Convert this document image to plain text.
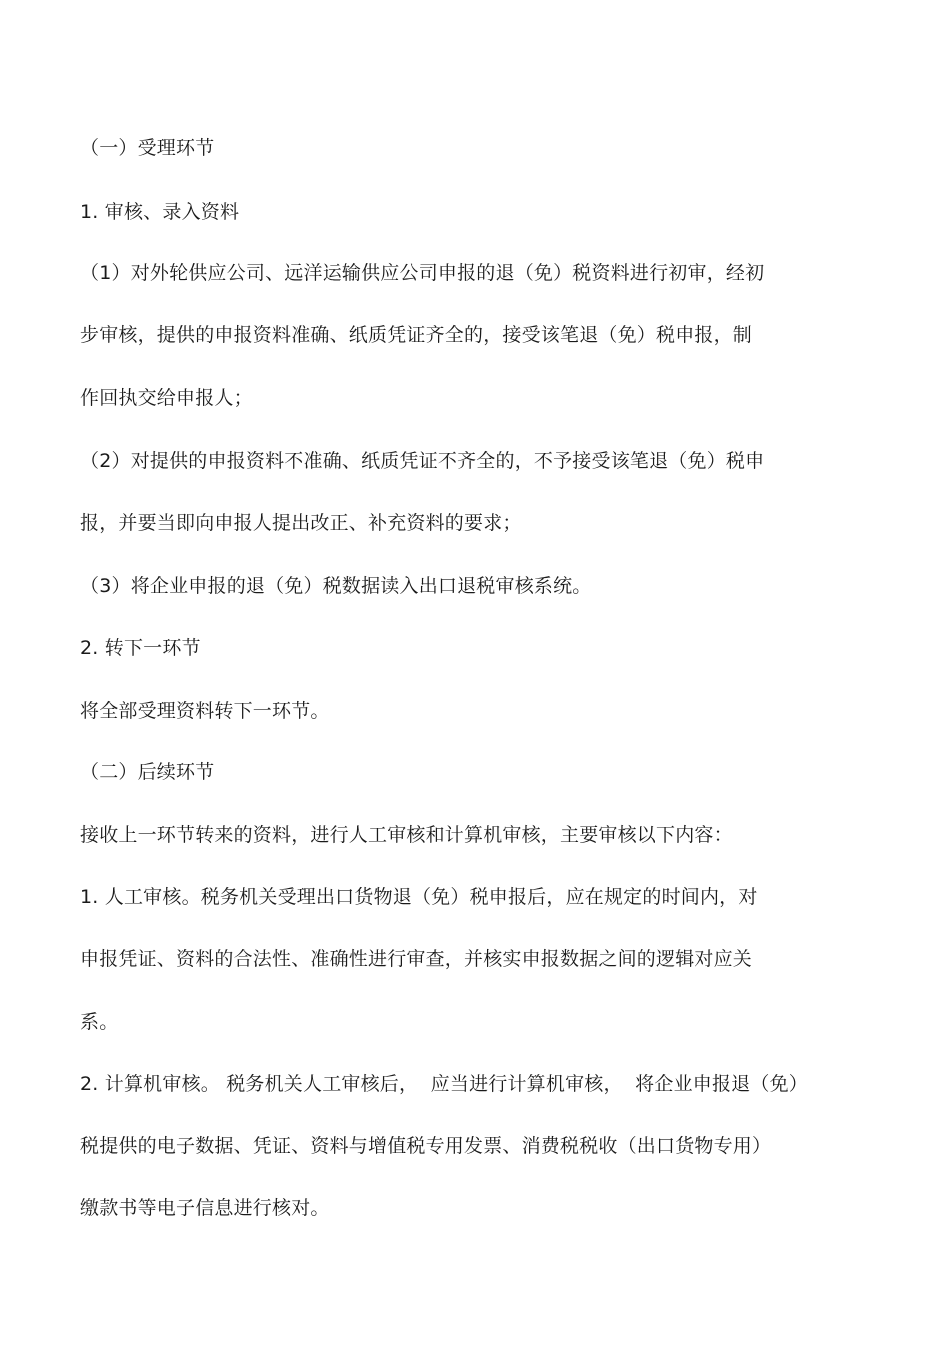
（一）受理环节
1. 审核、录入资料
（1）对外轮供应公司、远洋运输供应公司申报的退（免）税资料进行初审，经初
步审核，提供的申报资料准确、纸质凭证齐全的，接受该笔退（免）税申报，制
作回执交给申报人；
（2）对提供的申报资料不准确、纸质凭证不齐全的，不予接受该笔退（免）税申
报，并要当即向申报人提出改正、补充资料的要求；
（3）将企业申报的退（免）税数据读入出口退税审核系统。
2. 转下一环节
将全部受理资料转下一环节。
（二）后续环节
接收上一环节转来的资料，进行人工审核和计算机审核，主要审核以下内容：
1. 人工审核。税务机关受理出口货物退（免）税申报后，应在规定的时间内，对
申报凭证、资料的合法性、准确性进行审查，并核实申报数据之间的逻辑对应关
系。
2. 计算机审核。 税务机关人工审核后，  应当进行计算机审核，  将企业申报退（免）
税提供的电子数据、凭证、资料与增值税专用发票、消费税税收（出口货物专用）
缴款书等电子信息进行核对。
